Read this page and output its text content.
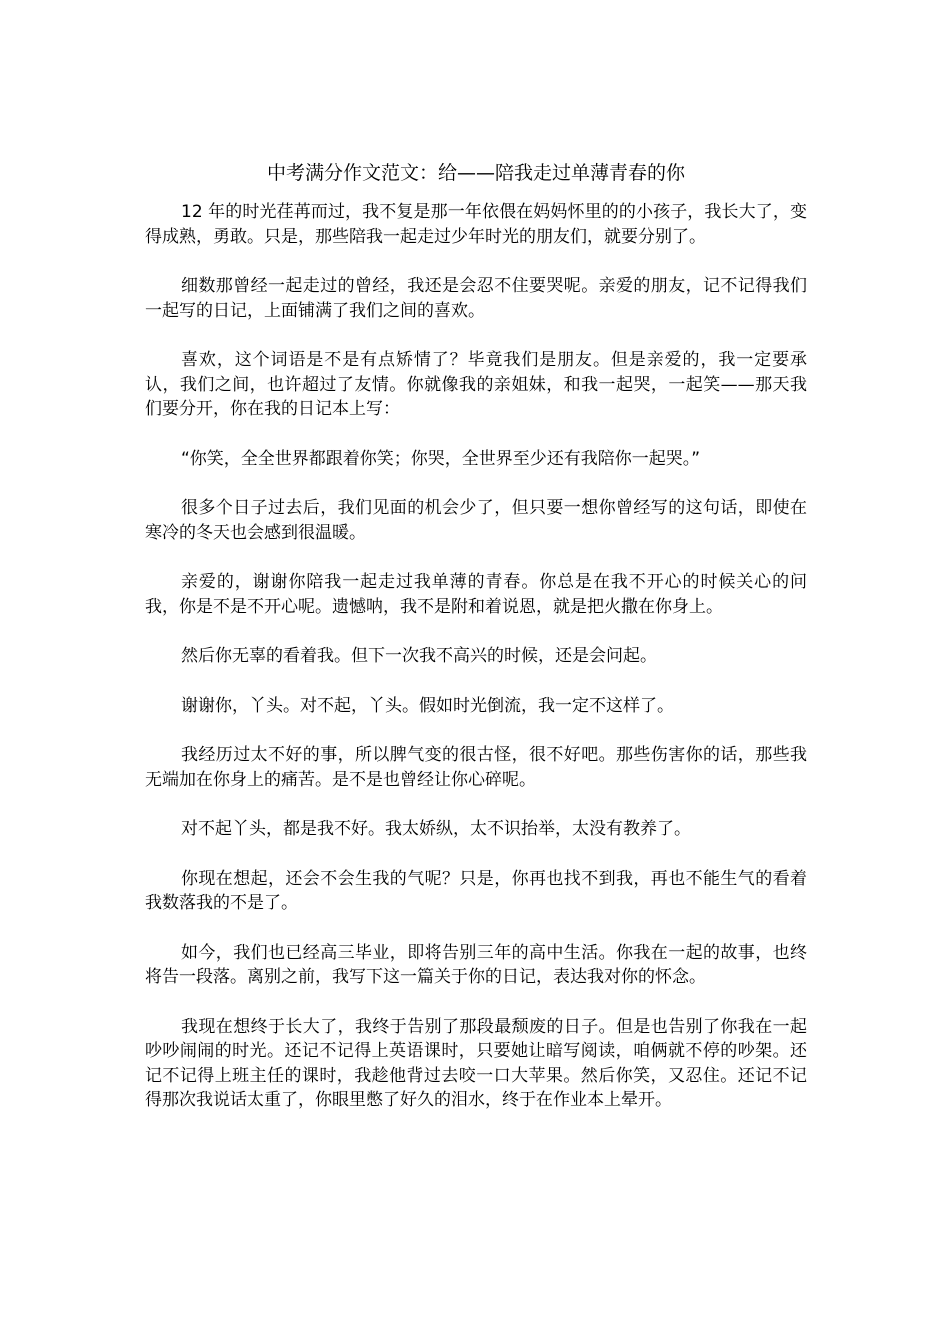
中考满分作文范文：给——陪我走过单薄青春的你

12 年的时光荏苒而过，我不复是那一年依偎在妈妈怀里的的小孩子，我长大了，变得成熟，勇敢。只是，那些陪我一起走过少年时光的朋友们，就要分别了。

细数那曾经一起走过的曾经，我还是会忍不住要哭呢。亲爱的朋友，记不记得我们一起写的日记，上面铺满了我们之间的喜欢。

喜欢，这个词语是不是有点矫情了？毕竟我们是朋友。但是亲爱的，我一定要承认，我们之间，也许超过了友情。你就像我的亲姐妹，和我一起哭，一起笑——那天我们要分开，你在我的日记本上写：

“你笑，全全世界都跟着你笑；你哭，全世界至少还有我陪你一起哭。”

很多个日子过去后，我们见面的机会少了，但只要一想你曾经写的这句话，即使在寒冷的冬天也会感到很温暖。

亲爱的，谢谢你陪我一起走过我单薄的青春。你总是在我不开心的时候关心的问我，你是不是不开心呢。遗憾呐，我不是附和着说恩，就是把火撒在你身上。

然后你无辜的看着我。但下一次我不高兴的时候，还是会问起。

谢谢你，丫头。对不起，丫头。假如时光倒流，我一定不这样了。

我经历过太不好的事，所以脾气变的很古怪，很不好吧。那些伤害你的话，那些我无端加在你身上的痛苦。是不是也曾经让你心碎呢。

对不起丫头，都是我不好。我太娇纵，太不识抬举，太没有教养了。

你现在想起，还会不会生我的气呢？只是，你再也找不到我，再也不能生气的看着我数落我的不是了。

如今，我们也已经高三毕业，即将告别三年的高中生活。你我在一起的故事，也终将告一段落。离别之前，我写下这一篇关于你的日记，表达我对你的怀念。

我现在想终于长大了，我终于告别了那段最颓废的日子。但是也告别了你我在一起吵吵闹闹的时光。还记不记得上英语课时，只要她让暗写阅读，咱俩就不停的吵架。还记不记得上班主任的课时，我趁他背过去咬一口大苹果。然后你笑，又忍住。还记不记得那次我说话太重了，你眼里憋了好久的泪水，终于在作业本上晕开。
